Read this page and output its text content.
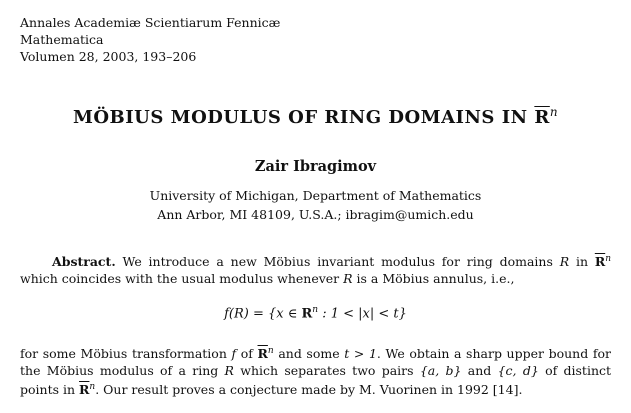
Annales Academiæ Scientiarum Fennicæ
Mathematica
Volumen 28, 2003, 193–206
MÖBIUS MODULUS OF RING DOMAINS IN $\overline{R}^n$
Zair Ibragimov
University of Michigan, Department of Mathematics
Ann Arbor, MI 48109, U.S.A.; ibragim@umich.edu

Abstract. We introduce a new Möbius invariant modulus for ring domains R in $\overline{R}^n$ which coincides with the usual modulus whenever R is a Möbius annulus, i.e.,

f(R) = {x ∈ $R^n$ : 1 < |x| < t}

for some Möbius transformation f of $\overline{R}^n$ and some t > 1. We obtain a sharp upper bound for the Möbius modulus of a ring R which separates two pairs {a, b} and {c, d} of distinct points in $\overline{R}^n$. Our result proves a conjecture made by M. Vuorinen in 1992 [14].
